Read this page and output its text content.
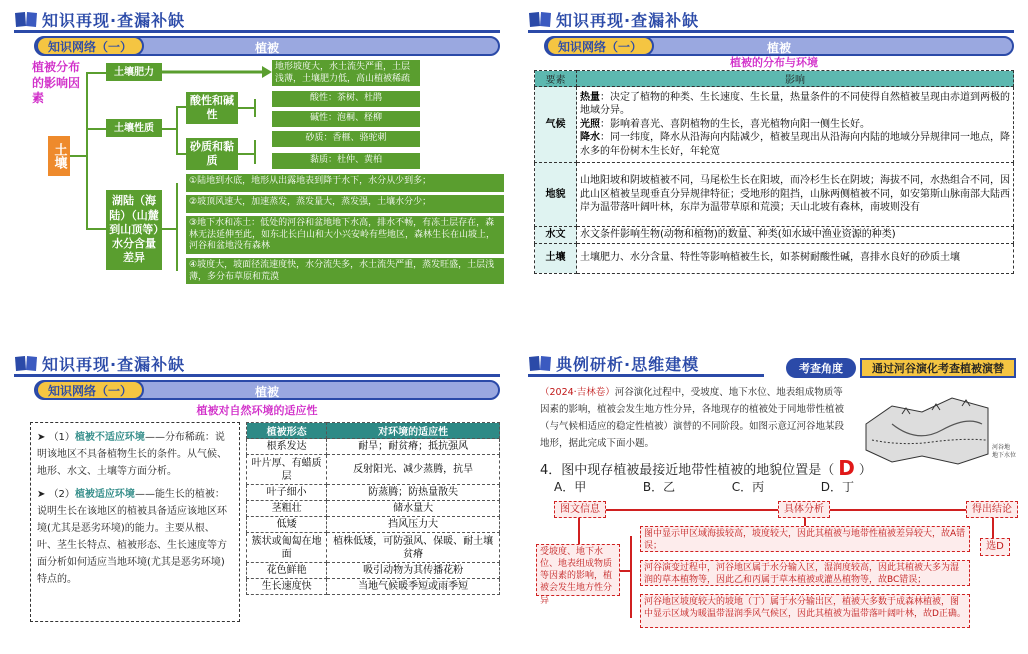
知识再现·查漏补缺
知识网络（一）	植被
植被分布的影响因素
土壤
土壤肥力	地形坡度大，水土流失严重，土层浅薄，土壤肥力低，高山植被稀疏
土壤性质
酸性和碱性
砂质和黏质
酸性：茶树、杜鹃
碱性：泡桐、柽柳
砂质：香榧、骆驼刺
黏质：杜仲、黄柏
湖陆（海陆）（山麓到山顶等）水分含量差异
①陆地到水底，地形从出露地表到降于水下，水分从少到多；
②坡顶风速大，加速蒸发，蒸发量大，蒸发强，土壤水分少；
③地下水和冻土：低处的河谷和盆地地下水高，排水不畅，有冻土层存在，森林无法延伸至此，如东北长白山和大小兴安岭有些地区，森林生长在山坡上，河谷和盆地没有森林
④坡度大，坡面径流速度快，水分流失多，水土流失严重，蒸发旺盛，土层浅薄，多分布草原和荒漠
知识再现·查漏补缺
知识网络（一）	植被
植被的分布与环境
要素	影响
气候	热量：决定了植物的种类、生长速度、生长量，热量条件的不同使得自然植被呈现由赤道到两极的地域分异。
光照：影响着喜光、喜阴植物的生长，喜光植物向阳一侧生长好。
降水：同一纬度，降水从沿海向内陆减少，植被呈现出从沿海向内陆的地域分异规律同一地点，降水多的年份树木生长好，年轮宽
地貌	山地阳坡和阴坡植被不同，马尾松生长在阳坡，而冷杉生长在阴坡；海拔不同，水热组合不同，因此山区植被呈现垂直分异规律特征；受地形的阻挡，山脉两侧植被不同，如安第斯山脉南部大陆西岸为温带落叶阔叶林，东岸为温带草原和荒漠；天山北坡有森林，南坡则没有
水文	水文条件影响生物(动物和植物)的数量、种类(如水域中渔业资源的种类)
土壤	土壤肥力、水分含量、特性等影响植被生长，如茶树耐酸性碱，喜排水良好的砂质土壤
知识再现·查漏补缺
知识网络（一）	植被
植被对自然环境的适应性

➤ （1）植被不适应环境——分布稀疏：说明该地区不具备植物生长的条件。从气候、地形、水文、土壤等方面分析。

➤ （2）植被适应环境——能生长的植被：说明生长在该地区的植被具备适应该地区环境(尤其是恶劣环境)的能力。主要从根、叶、茎生长特点、植被形态、生长速度等方面分析如何适应当地环境(尤其是恶劣环境)特点的。

植被形态	对环境的适应性
根系发达	耐旱；耐贫瘠；抵抗强风
叶片厚、有蜡质层	反射阳光、减少蒸腾，抗旱
叶子细小	防蒸腾；防热量散失
茎粗壮	储水量大
低矮	挡风压力大
簇状或匍匐在地面	植株低矮，可防强风、保暖、耐土壤贫瘠
花色鲜艳	吸引动物为其传播花粉
生长速度快	当地气候暖季短或雨季短
典例研析·思维建模	考查角度	通过河谷演化考查植被演替
（2024·吉林卷）河谷演化过程中，受坡度、地下水位、地表组成物质等因素的影响，植被会发生地方性分异，各地现存的植被处于同地带性植被（与气候相适应的稳定性植被）演替的不同阶段。如图示意辽河谷地某段地形，据此完成下面小题。	河谷地
地下水位
4．图中现存植被最接近地带性植被的地貌位置是（ D ）
A．甲	B．乙	C．丙	D．丁
图文信息	具体分析	得出结论
受坡度、地下水位、地表组成物质等因素的影响，植被会发生地方性分异
图中显示甲区域海拔较高，坡度较大，因此其植被与地带性植被差异较大，故A错误；
河谷演变过程中，河谷地区属于水分输入区，湿润度较高，因此其植被大多为湿润的草本植物等，因此乙和丙属于草本植被或灌丛植物等，故BC错误；
河谷地区坡度较大的坡地（丁）属于水分输出区，植被大多数于成森林植被，图中显示区域为暖温带湿润季风气候区，因此其植被为温带落叶阔叶林，故D正确。
选D
